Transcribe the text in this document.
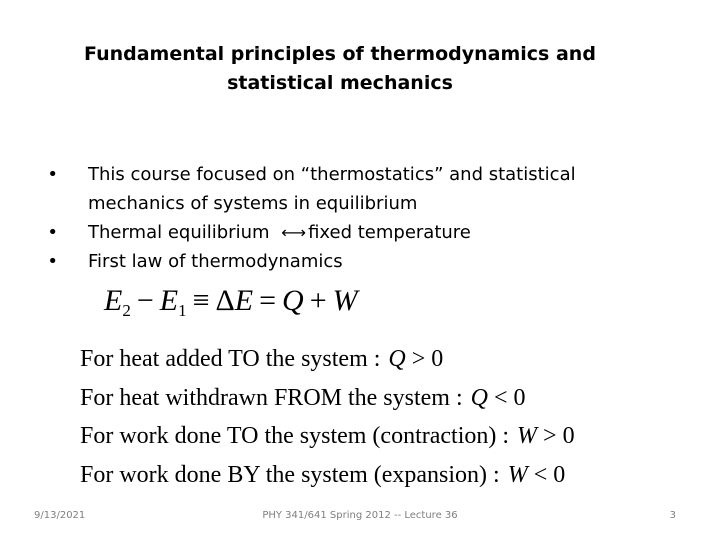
Fundamental principles of thermodynamics and
statistical mechanics
•	This course focused on “thermostatics” and statistical mechanics of systems in equilibrium
•	Thermal equilibrium ←→ fixed temperature
•	First law of thermodynamics
$E_2 - E_1 \equiv \Delta E = Q + W$
For heat added TO the system : Q > 0
For heat withdrawn FROM the system : Q < 0
For work done TO the system (contraction) : W > 0
For work done BY the system (expansion) : W < 0
9/13/2021	PHY 341/641 Spring 2012 -- Lecture 36	3
